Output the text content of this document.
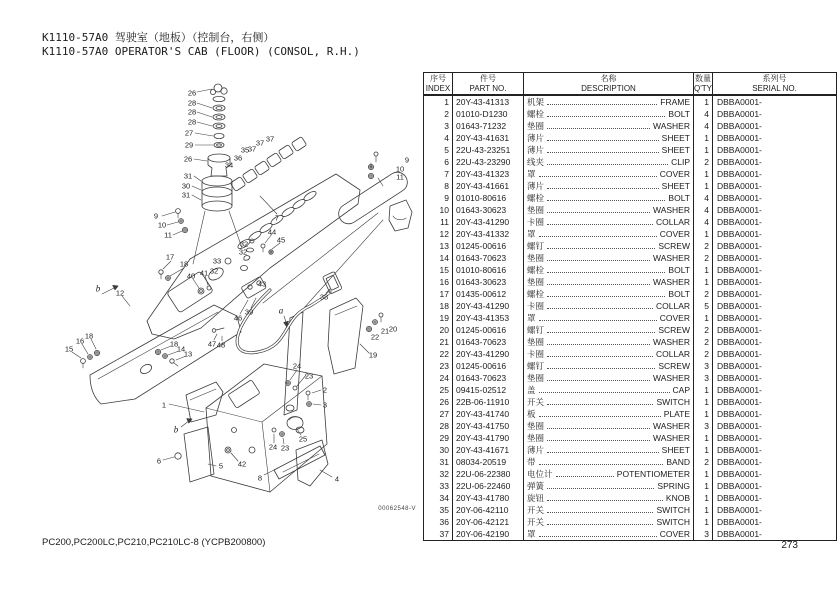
K1110-57A0 驾驶室（地板）（控制台，右侧）
K1110-57A0 OPERATOR'S CAB (FLOOR) (CONSOL, R.H.)
26
28
28
28
27
29
26
31
30
31
34
36
35
37
37 37
9
10
11
7
44
45
9
10
11
17
18
b 12
32
32
33
32
41
40
43
38
a
39
46
47 48
15
16
18
18
14
13
20
21
22
19
24
23
2
3
1
b
25
24 23
6
5 42
8	4
00062548-V
序号
INDEX
件号
PART NO.
名称
DESCRIPTION
数量
Q'TY
系列号
SERIAL NO.
1 20Y-43-41313	机架	FRAME	1 DBBA0001-
2 01010-D1230	螺栓	BOLT	4 DBBA0001-
3 01643-71232	垫圈	WASHER	4 DBBA0001-
4 20Y-43-41631	薄片	SHEET	1 DBBA0001-
5 22U-43-23251	薄片	SHEET	1 DBBA0001-
6 22U-43-23290	线夹	CLIP	2 DBBA0001-
7 20Y-43-41323	罩	COVER	1 DBBA0001-
8 20Y-43-41661	薄片	SHEET	1 DBBA0001-
9 01010-80616	螺栓	BOLT	4 DBBA0001-
10 01643-30623	垫圈	WASHER	4 DBBA0001-
11 20Y-43-41290	卡圈	COLLAR	4 DBBA0001-
12 20Y-43-41332	罩	COVER	1 DBBA0001-
13 01245-00616	螺钉	SCREW	2 DBBA0001-
14 01643-70623	垫圈	WASHER	2 DBBA0001-
15 01010-80616	螺栓	BOLT	1 DBBA0001-
16 01643-30623	垫圈	WASHER	1 DBBA0001-
17 01435-00612	螺栓	BOLT	2 DBBA0001-
18 20Y-43-41290	卡圈	COLLAR	5 DBBA0001-
19 20Y-43-41353	罩	COVER	1 DBBA0001-
20 01245-00616	螺钉	SCREW	2 DBBA0001-
21 01643-70623	垫圈	WASHER	2 DBBA0001-
22 20Y-43-41290	卡圈	COLLAR	2 DBBA0001-
23 01245-00616	螺钉	SCREW	3 DBBA0001-
24 01643-70623	垫圈	WASHER	3 DBBA0001-
25 09415-02512	盖	CAP	1 DBBA0001-
26 22B-06-11910	开关	SWITCH	1 DBBA0001-
27 20Y-43-41740	板	PLATE	1 DBBA0001-
28 20Y-43-41750	垫圈	WASHER	3 DBBA0001-
29 20Y-43-41790	垫圈	WASHER	1 DBBA0001-
30 20Y-43-41671	薄片	SHEET	1 DBBA0001-
31 08034-20519	带	BAND	2 DBBA0001-
32 22U-06-22380	电位计	POTENTIOMETER	1 DBBA0001-
33 22U-06-22460	弹簧	SPRING	1 DBBA0001-
34 20Y-43-41780	旋钮	KNOB	1 DBBA0001-
35 20Y-06-42110	开关	SWITCH	1 DBBA0001-
36 20Y-06-42121	开关	SWITCH	1 DBBA0001-
37 20Y-06-42190	罩	COVER	3 DBBA0001-
PC200,PC200LC,PC210,PC210LC-8 (YCPB200800)	273
